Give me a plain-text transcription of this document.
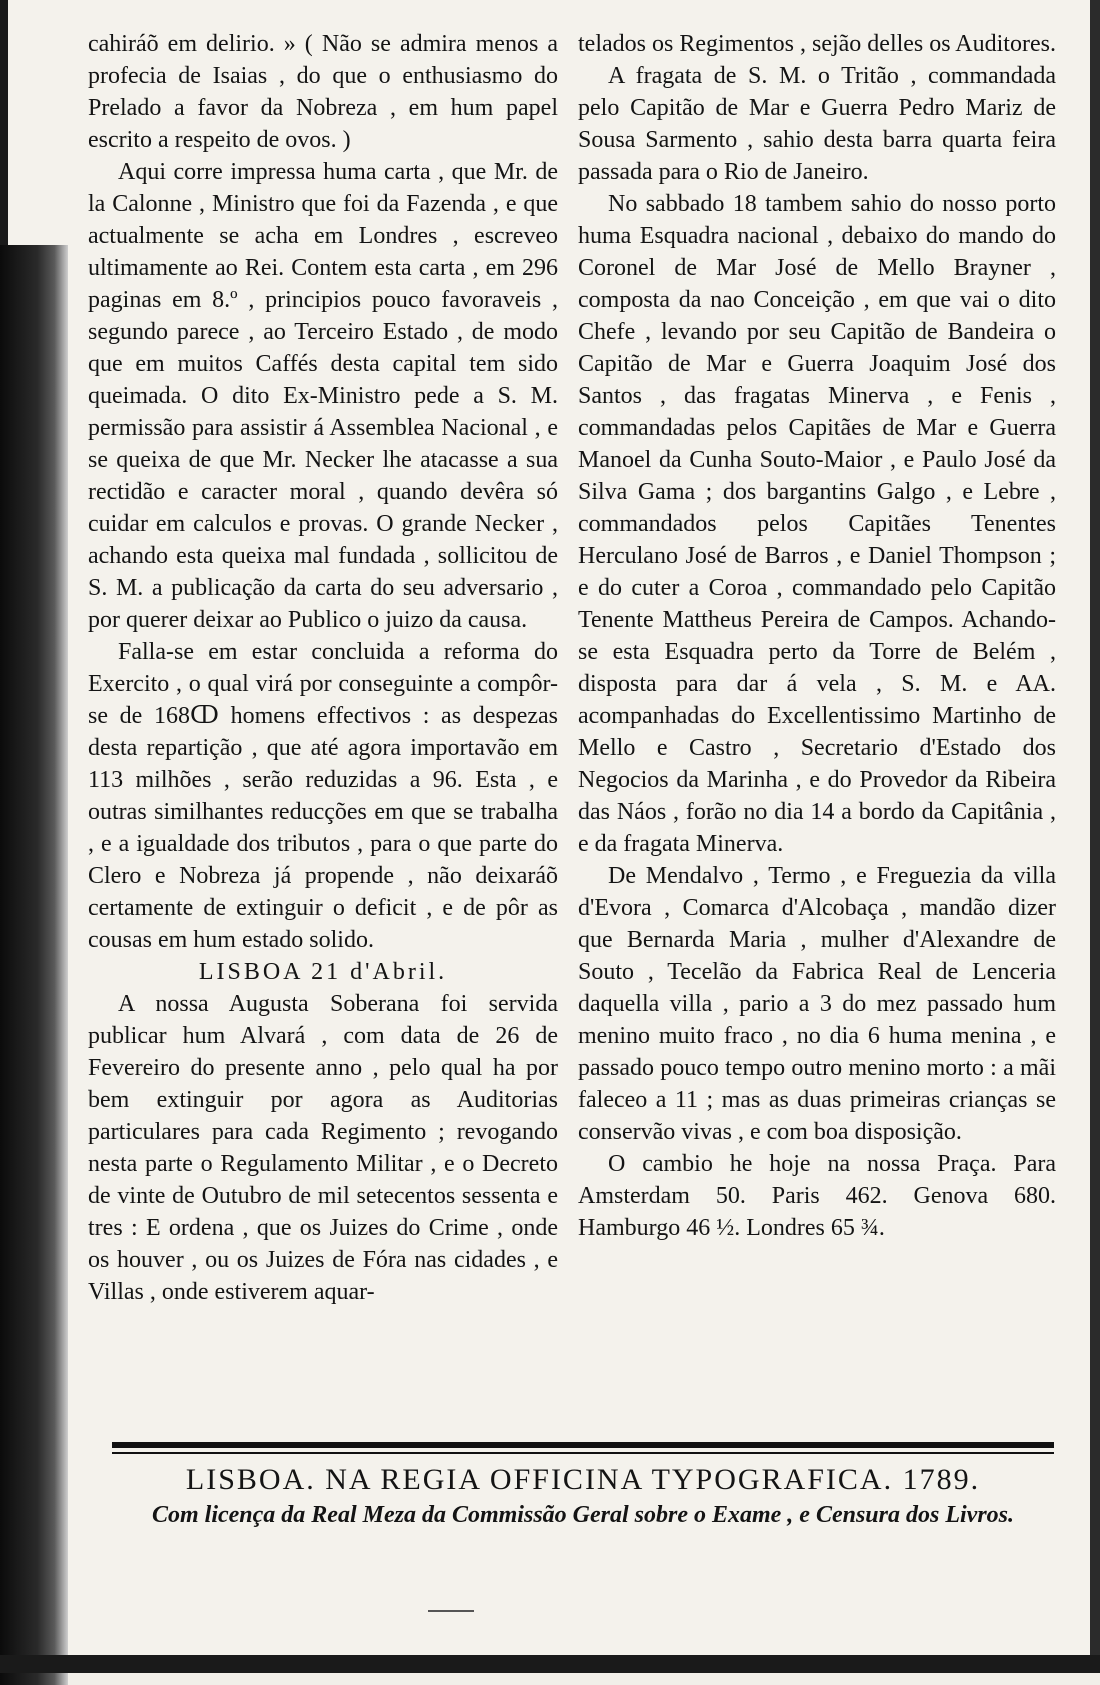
cahiráõ em delirio. » ( Não se admira menos a profecia de Isaias , do que o enthusiasmo do Prelado a favor da Nobreza , em hum papel escrito a respeito de ovos. )

Aqui corre impressa huma carta , que Mr. de la Calonne , Ministro que foi da Fazenda , e que actualmente se acha em Londres , escreveo ultimamente ao Rei. Contem esta carta , em 296 paginas em 8.º , principios pouco favoraveis , segundo parece , ao Terceiro Estado , de modo que em muitos Caffés desta capital tem sido queimada. O dito Ex-Ministro pede a S. M. permissão para assistir á Assemblea Nacional , e se queixa de que Mr. Necker lhe atacasse a sua rectidão e caracter moral , quando devêra só cuidar em calculos e provas. O grande Necker , achando esta queixa mal fundada , sollicitou de S. M. a publicação da carta do seu adversario , por querer deixar ao Publico o juizo da causa.

Falla-se em estar concluida a reforma do Exercito , o qual virá por conseguinte a compôr-se de 168ↀ homens effectivos : as despezas desta repartição , que até agora importavão em 113 milhões , serão reduzidas a 96. Esta , e outras similhantes reducções em que se trabalha , e a igualdade dos tributos , para o que parte do Clero e Nobreza já propende , não deixaráõ certamente de extinguir o deficit , e de pôr as cousas em hum estado solido.

LISBOA 21 d'Abril.

A nossa Augusta Soberana foi servida publicar hum Alvará , com data de 26 de Fevereiro do presente anno , pelo qual ha por bem extinguir por agora as Auditorias particulares para cada Regimento ; revogando nesta parte o Regulamento Militar , e o Decreto de vinte de Outubro de mil setecentos sessenta e tres : E ordena , que os Juizes do Crime , onde os houver , ou os Juizes de Fóra nas cidades , e Villas , onde estiverem aquar-

telados os Regimentos , sejão delles os Auditores.

A fragata de S. M. o Tritão , commandada pelo Capitão de Mar e Guerra Pedro Mariz de Sousa Sarmento , sahio desta barra quarta feira passada para o Rio de Janeiro.

No sabbado 18 tambem sahio do nosso porto huma Esquadra nacional , debaixo do mando do Coronel de Mar José de Mello Brayner , composta da nao Conceição , em que vai o dito Chefe , levando por seu Capitão de Bandeira o Capitão de Mar e Guerra Joaquim José dos Santos , das fragatas Minerva , e Fenis , commandadas pelos Capitães de Mar e Guerra Manoel da Cunha Souto-Maior , e Paulo José da Silva Gama ; dos bargantins Galgo , e Lebre , commandados pelos Capitães Tenentes Herculano José de Barros , e Daniel Thompson ; e do cuter a Coroa , commandado pelo Capitão Tenente Mattheus Pereira de Campos. Achando-se esta Esquadra perto da Torre de Belém , disposta para dar á vela , S. M. e AA. acompanhadas do Excellentissimo Martinho de Mello e Castro , Secretario d'Estado dos Negocios da Marinha , e do Provedor da Ribeira das Náos , forão no dia 14 a bordo da Capitânia , e da fragata Minerva.

De Mendalvo , Termo , e Freguezia da villa d'Evora , Comarca d'Alcobaça , mandão dizer que Bernarda Maria , mulher d'Alexandre de Souto , Tecelão da Fabrica Real de Lenceria daquella villa , pario a 3 do mez passado hum menino muito fraco , no dia 6 huma menina , e passado pouco tempo outro menino morto : a mãi faleceo a 11 ; mas as duas primeiras crianças se conservão vivas , e com boa disposição.

O cambio he hoje na nossa Praça. Para Amsterdam 50. Paris 462. Genova 680. Hamburgo 46 ½. Londres 65 ¾.

LISBOA. NA REGIA OFFICINA TYPOGRAFICA. 1789.
Com licença da Real Meza da Commissão Geral sobre o Exame , e Censura dos Livros.
